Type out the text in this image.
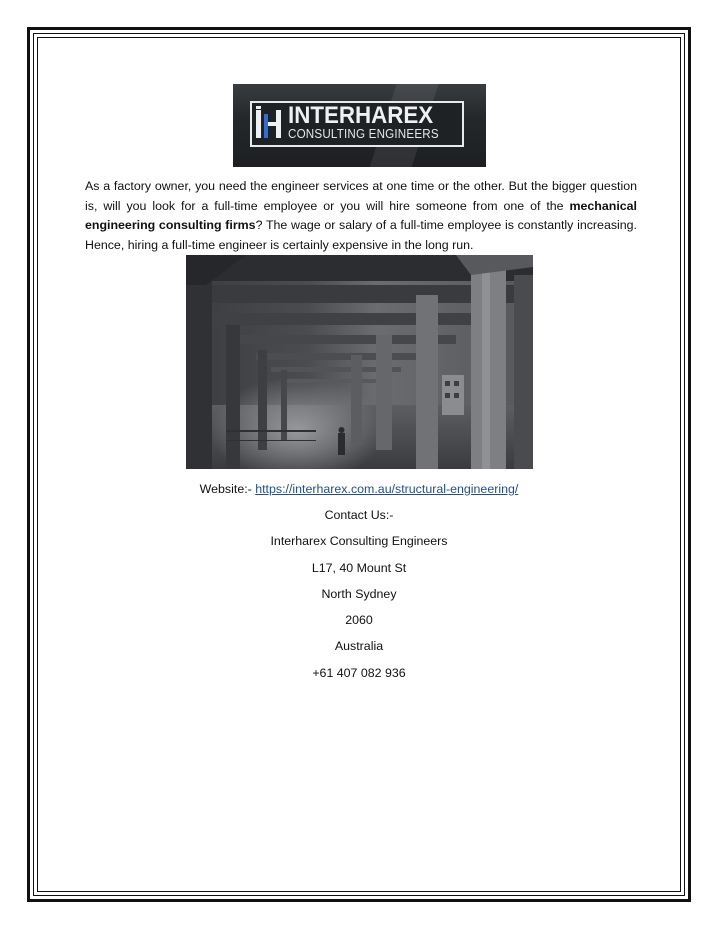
INTERHAREX
CONSULTING ENGINEERS

As a factory owner, you need the engineer services at one time or the other. But the bigger question is, will you look for a full-time employee or you will hire someone from one of the mechanical engineering consulting firms? The wage or salary of a full-time employee is constantly increasing. Hence, hiring a full-time engineer is certainly expensive in the long run.

Website:- https://interharex.com.au/structural-engineering/
Contact Us:-
Interharex Consulting Engineers
L17, 40 Mount St
North Sydney
2060
Australia
+61 407 082 936
